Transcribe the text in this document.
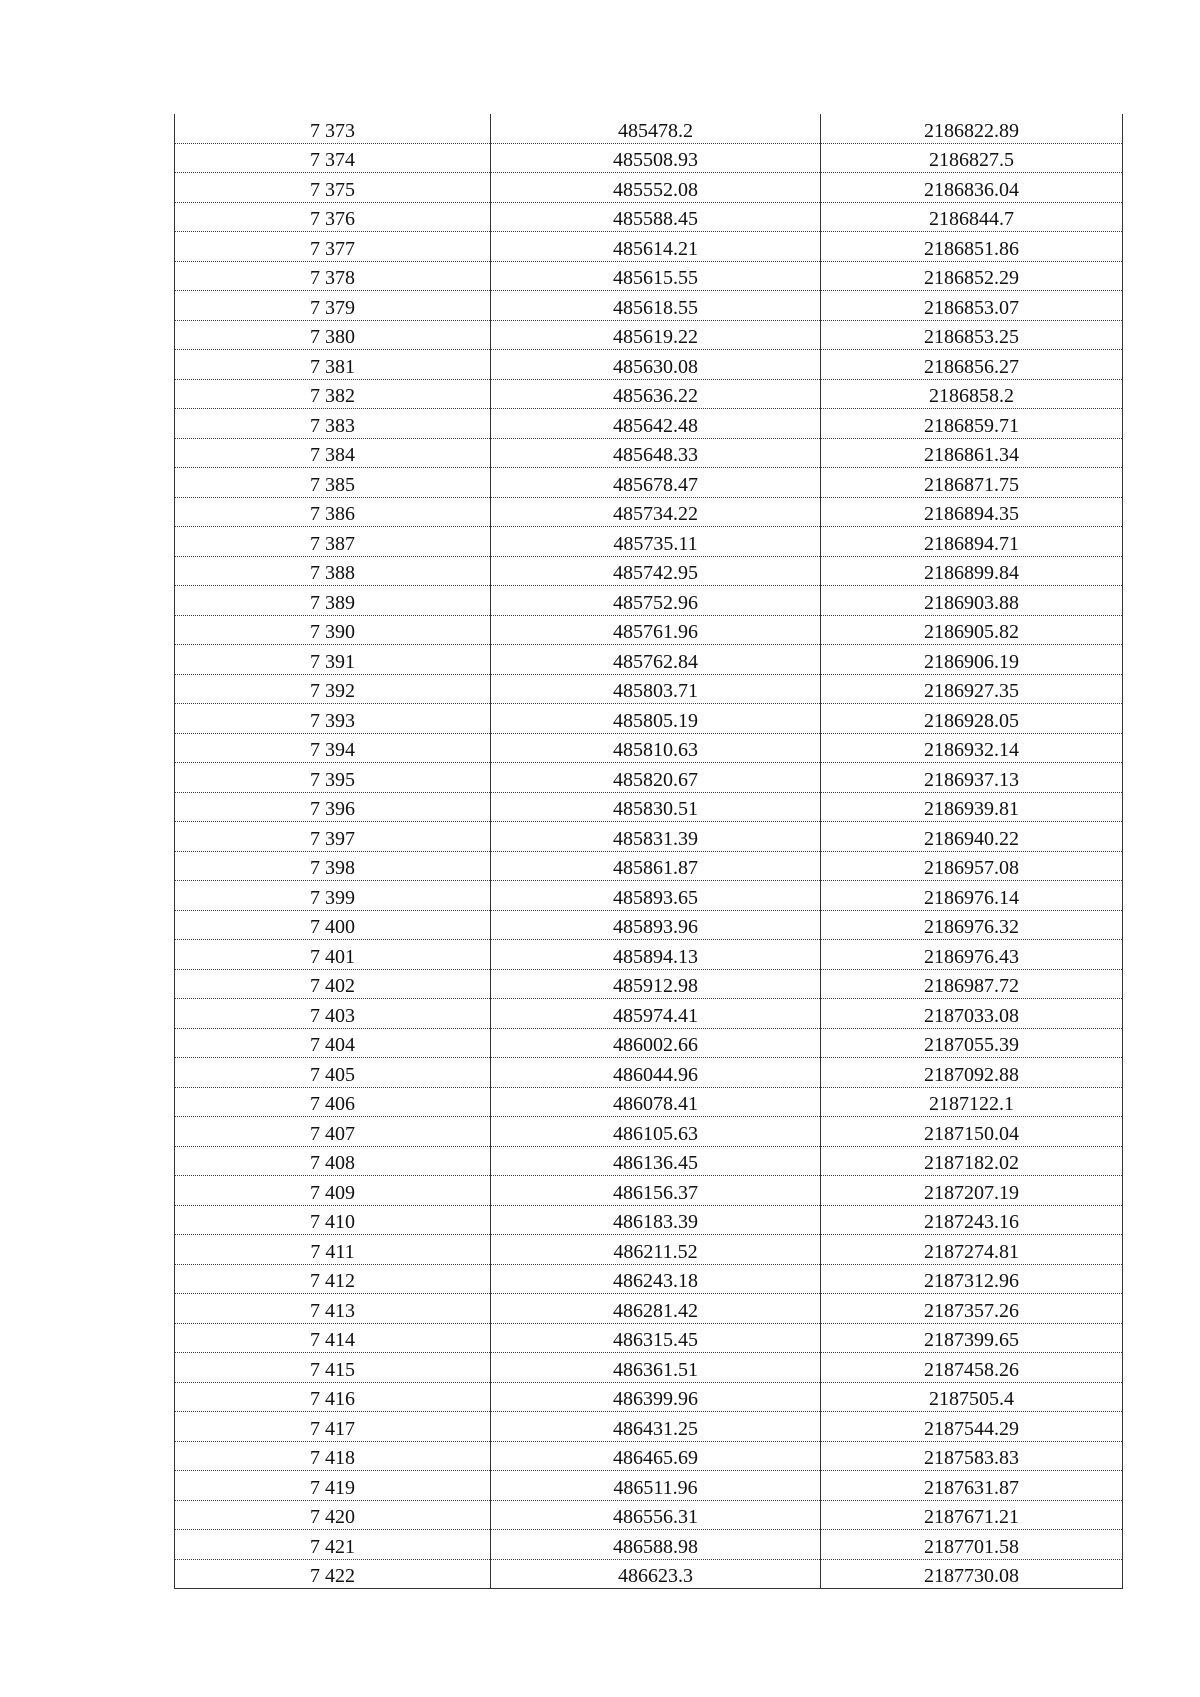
7 373	485478.2	2186822.89
7 374	485508.93	2186827.5
7 375	485552.08	2186836.04
7 376	485588.45	2186844.7
7 377	485614.21	2186851.86
7 378	485615.55	2186852.29
7 379	485618.55	2186853.07
7 380	485619.22	2186853.25
7 381	485630.08	2186856.27
7 382	485636.22	2186858.2
7 383	485642.48	2186859.71
7 384	485648.33	2186861.34
7 385	485678.47	2186871.75
7 386	485734.22	2186894.35
7 387	485735.11	2186894.71
7 388	485742.95	2186899.84
7 389	485752.96	2186903.88
7 390	485761.96	2186905.82
7 391	485762.84	2186906.19
7 392	485803.71	2186927.35
7 393	485805.19	2186928.05
7 394	485810.63	2186932.14
7 395	485820.67	2186937.13
7 396	485830.51	2186939.81
7 397	485831.39	2186940.22
7 398	485861.87	2186957.08
7 399	485893.65	2186976.14
7 400	485893.96	2186976.32
7 401	485894.13	2186976.43
7 402	485912.98	2186987.72
7 403	485974.41	2187033.08
7 404	486002.66	2187055.39
7 405	486044.96	2187092.88
7 406	486078.41	2187122.1
7 407	486105.63	2187150.04
7 408	486136.45	2187182.02
7 409	486156.37	2187207.19
7 410	486183.39	2187243.16
7 411	486211.52	2187274.81
7 412	486243.18	2187312.96
7 413	486281.42	2187357.26
7 414	486315.45	2187399.65
7 415	486361.51	2187458.26
7 416	486399.96	2187505.4
7 417	486431.25	2187544.29
7 418	486465.69	2187583.83
7 419	486511.96	2187631.87
7 420	486556.31	2187671.21
7 421	486588.98	2187701.58
7 422	486623.3	2187730.08
